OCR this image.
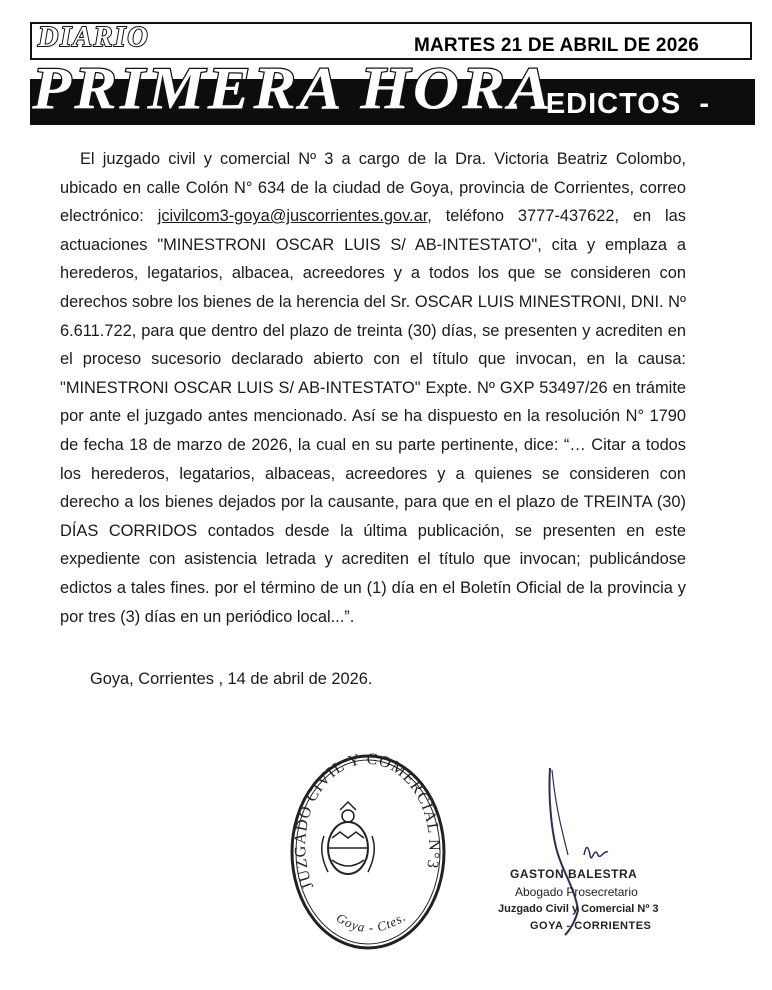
DIARIO
PRIMERA HORA
MARTES 21 DE ABRIL DE 2026
-   EDICTOS  -

El juzgado civil y comercial Nº 3 a cargo de la Dra. Victoria Beatriz Colombo, ubicado en calle Colón N° 634 de la ciudad de Goya, provincia de Corrientes, correo electrónico: jcivilcom3-goya@juscorrientes.gov.ar, teléfono 3777-437622, en las actuaciones "MINESTRONI OSCAR LUIS S/ AB-INTESTATO", cita y emplaza a herederos, legatarios, albacea, acreedores y a todos los que se consideren con derechos sobre los bienes de la herencia del Sr. OSCAR LUIS MINESTRONI, DNI. Nº 6.611.722, para que dentro del plazo de treinta (30) días, se presenten y acrediten en el proceso sucesorio declarado abierto con el título que invocan, en la causa: "MINESTRONI OSCAR LUIS S/ AB-INTESTATO" Expte. Nº GXP 53497/26 en trámite por ante el juzgado antes mencionado. Así se ha dispuesto en la resolución N° 1790 de fecha 18 de marzo de 2026, la cual en su parte pertinente, dice: “… Citar a todos los herederos, legatarios, albaceas, acreedores y a quienes se consideren con derecho a los bienes dejados por la causante, para que en el plazo de TREINTA (30) DÍAS CORRIDOS contados desde la última publicación, se presenten en este expediente con asistencia letrada y acrediten el título que invocan; publicándose edictos a tales fines. por el término de un (1) día en el Boletín Oficial de la provincia y por tres (3) días en un periódico local...”.

Goya, Corrientes , 14 de abril de 2026.
JUZGADO CIVIL Y COMERCIAL N°3
Goya - Ctes.
GASTON BALESTRA
Abogado Prosecretario
Juzgado Civil y Comercial Nº 3
GOYA - CORRIENTES
